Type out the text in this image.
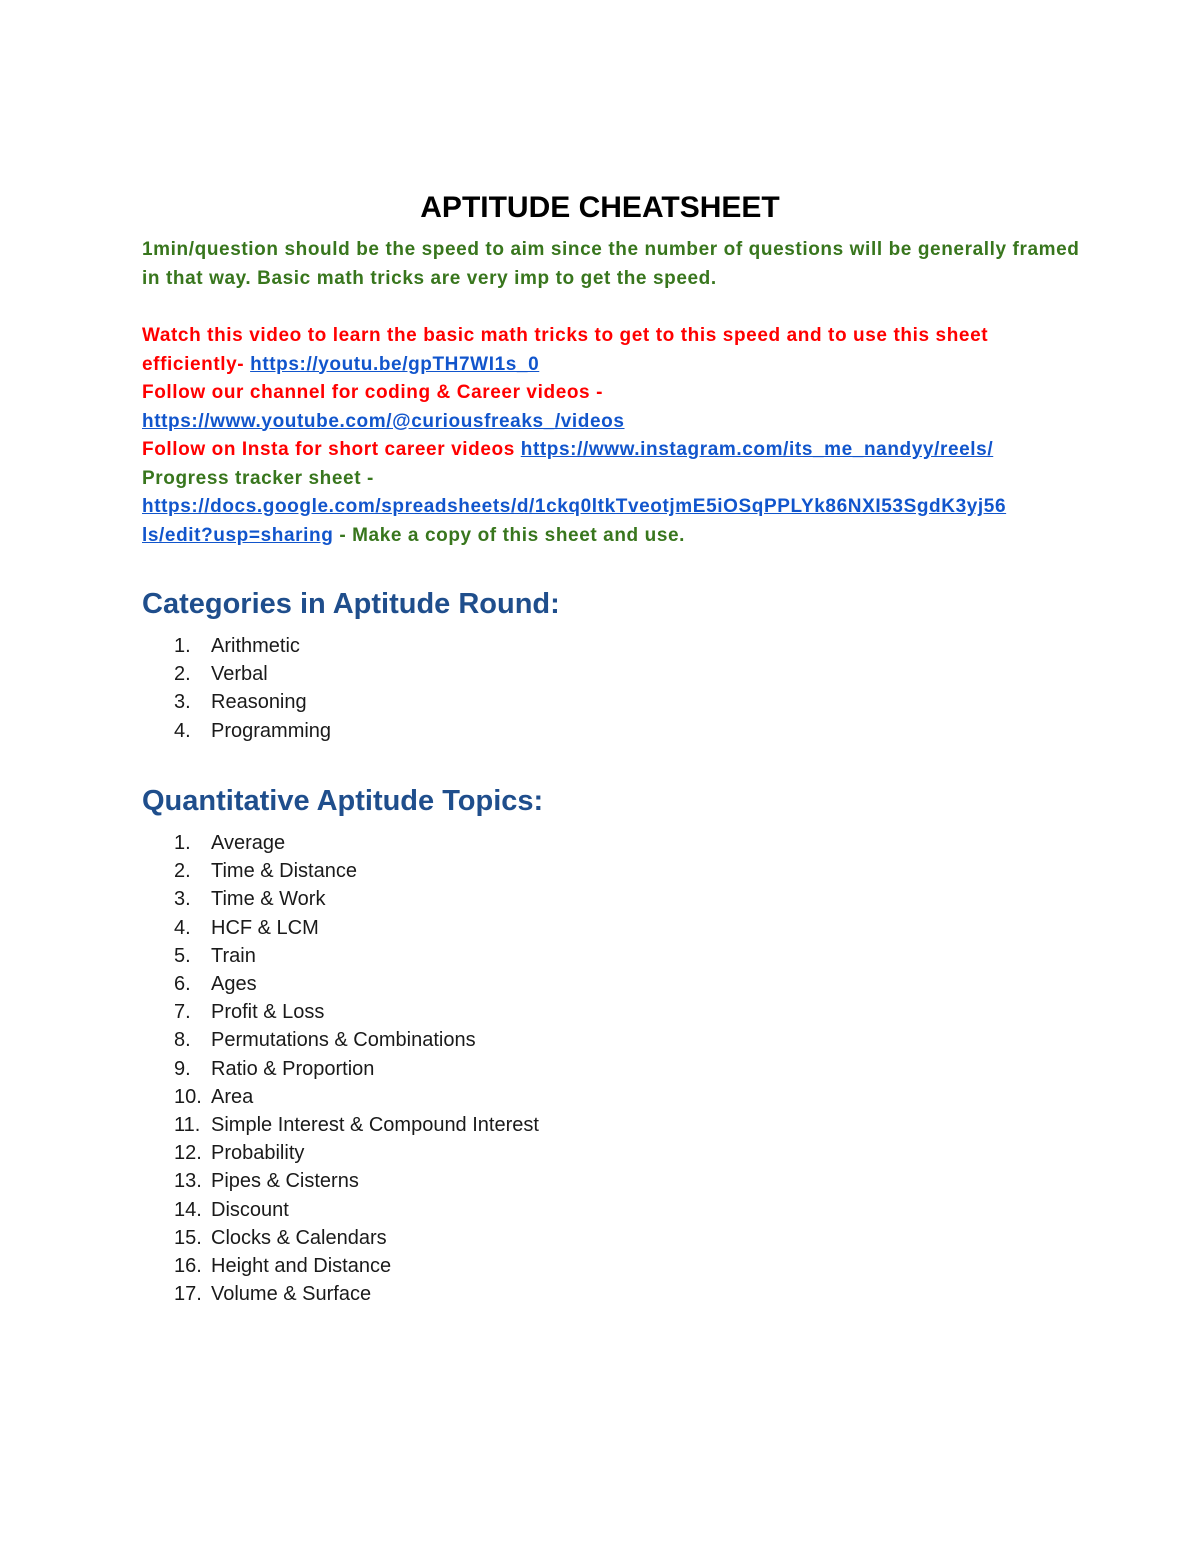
APTITUDE CHEATSHEET

1min/question should be the speed to aim since the number of questions will be generally framed in that way. Basic math tricks are very imp to get the speed.

Watch this video to learn the basic math tricks to get to this speed and to use this sheet efficiently- https://youtu.be/gpTH7WI1s_0

Follow our channel for coding & Career videos -
https://www.youtube.com/@curiousfreaks_/videos

Follow on Insta for short career videos https://www.instagram.com/its_me_nandyy/reels/

Progress tracker sheet -
https://docs.google.com/spreadsheets/d/1ckq0ltkTveotjmE5iOSqPPLYk86NXI53SgdK3yj56
ls/edit?usp=sharing - Make a copy of this sheet and use.

Categories in Aptitude Round:
1. Arithmetic
2. Verbal
3. Reasoning
4. Programming
Quantitative Aptitude Topics:
1. Average
2. Time & Distance
3. Time & Work
4. HCF & LCM
5. Train
6. Ages
7. Profit & Loss
8. Permutations & Combinations
9. Ratio & Proportion
10. Area
11. Simple Interest & Compound Interest
12. Probability
13. Pipes & Cisterns
14. Discount
15. Clocks & Calendars
16. Height and Distance
17. Volume & Surface
